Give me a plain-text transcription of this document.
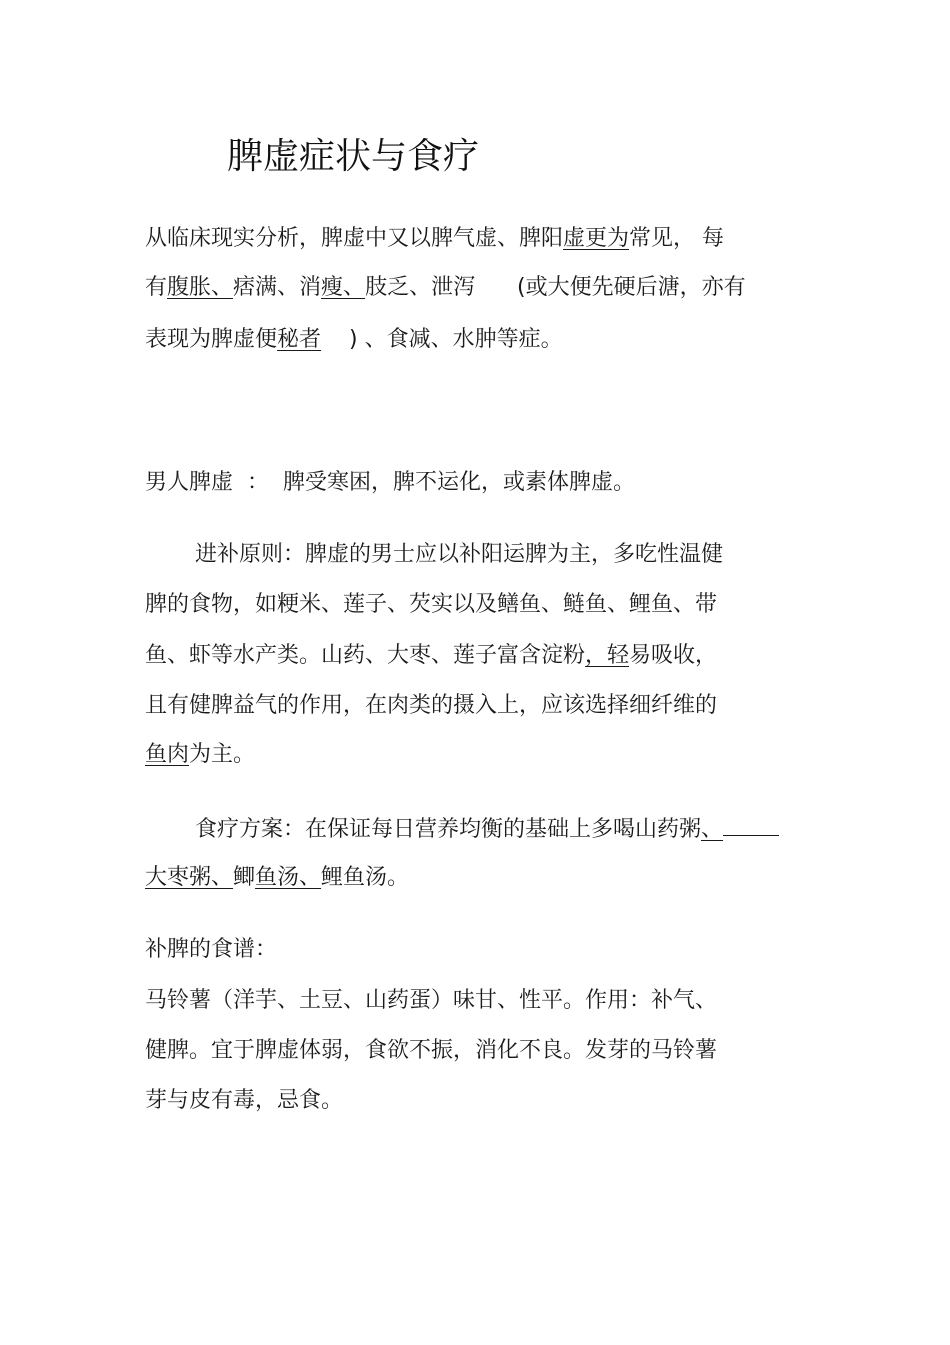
脾虚症状与食疗

从临床现实分析，脾虚中又以脾气虚、脾阳虚更为常见， 每

有腹胀、痞满、消瘦、肢乏、泄泻      (或大便先硬后溏，亦有

表现为脾虚便秘者    ) 、食减、水肿等症。

男人脾虚  ：  脾受寒困，脾不运化，或素体脾虚。

进补原则：脾虚的男士应以补阳运脾为主，多吃性温健

脾的食物，如粳米、莲子、芡实以及鳝鱼、鲢鱼、鲤鱼、带

鱼、虾等水产类。山药、大枣、莲子富含淀粉，轻易吸收，

且有健脾益气的作用，在肉类的摄入上，应该选择细纤维的

鱼肉为主。

食疗方案：在保证每日营养均衡的基础上多喝山药粥、

大枣粥、鲫鱼汤、鲤鱼汤。

补脾的食谱：

马铃薯（洋芋、土豆、山药蛋）味甘、性平。作用：补气、

健脾。宜于脾虚体弱，食欲不振，消化不良。发芽的马铃薯

芽与皮有毒，忌食。
